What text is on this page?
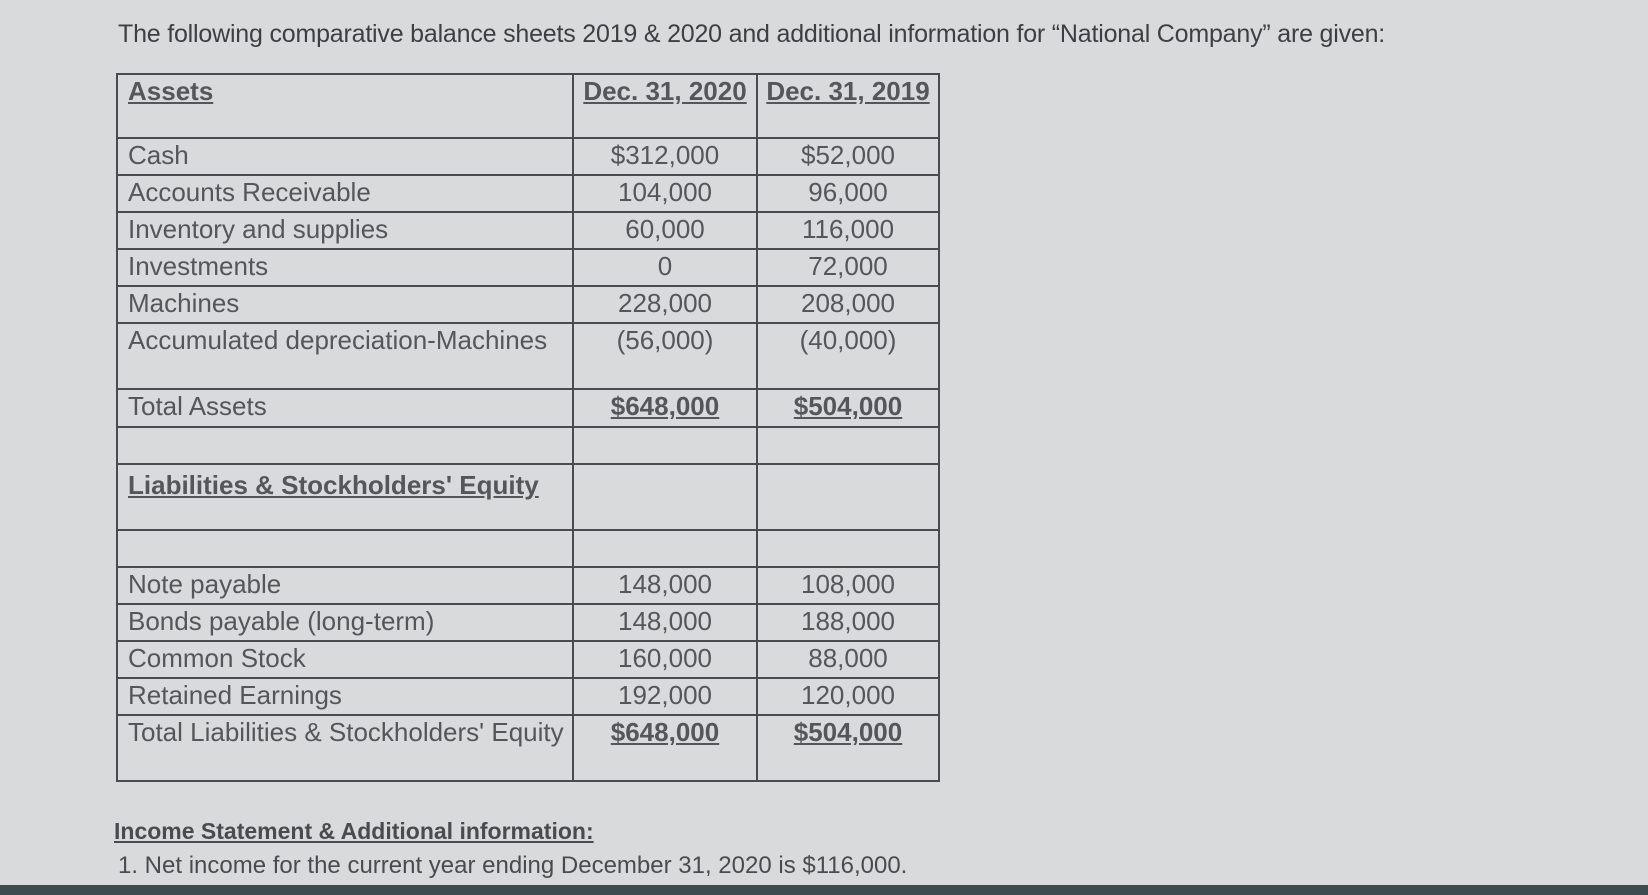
The following comparative balance sheets 2019 & 2020 and additional information for “National Company” are given:
Assets	Dec. 31, 2020	Dec. 31, 2019
Cash	$312,000	$52,000
Accounts Receivable	104,000	96,000
Inventory and supplies	60,000	116,000
Investments	0	72,000
Machines	228,000	208,000
Accumulated depreciation-Machines	(56,000)	(40,000)
Total Assets	$648,000	$504,000

Liabilities & Stockholders' Equity		

Note payable	148,000	108,000
Bonds payable (long-term)	148,000	188,000
Common Stock	160,000	88,000
Retained Earnings	192,000	120,000
Total Liabilities & Stockholders' Equity	$648,000	$504,000
Income Statement & Additional information:
1. Net income for the current year ending December 31, 2020 is $116,000.
